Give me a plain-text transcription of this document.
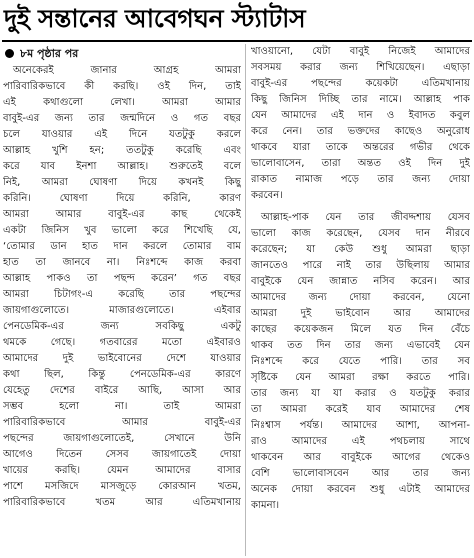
দুই সন্তানের আবেগঘন স্ট্যাটাস
৮ম পৃষ্ঠার পর
অনেকেরই জানার আগ্রহ আমরা
পারিবারিকভাবে কী করছি। ওই দিন, তাই
এই কথাগুলো লেখা। আমরা আমার
বাবুই-এর জন্য তার জন্মদিনে ও গত বছর
চলে যাওয়ার এই দিনে যতটুকু করলে
আল্লাহ খুশি হন; ততটুকু করেছি এবং
করে যাব ইনশা আল্লাহ। শুরুতেই বলে
নিই, আমরা ঘোষণা দিয়ে কখনই কিছু
করিনি। ঘোষণা দিয়ে করিনি, কারণ
আমরা আমার বাবুই-এর কাছ থেকেই
একটা জিনিস খুব ভালো করে শিখেছি যে,
‘তোমার ডান হাত দান করলে তোমার বাম
হাত তা জানবে না। নিঃশব্দে কাজ করবা
আল্লাহ পাকও তা পছন্দ করেন’ গত বছর
আমরা চিটাগং-এ করেছি তার পছন্দের
জায়গাগুলোতে। মাজারগুলোতে। এইবার
পেনডেমিক-এর জন্য সবকিছু একটু
থমকে গেছে। গতবারের মতো এইবারও
আমাদের দুই ভাইবোনের দেশে যাওয়ার
কথা ছিল, কিন্তু পেনডেমিক-এর কারণে
যেহেতু দেশের বাইরে আছি, আসা আর
সম্ভব হলো না। তাই আমরা
পারিবারিকভাবে আমার বাবুই-এর
পছন্দের জায়গাগুলোতেই, সেখানে উনি
আগেও দিতেন সেসব জায়গাতেই দোয়া
খায়ের করছি। যেমন আমাদের বাসার
পাশে মসজিদে মাসজুড়ে কোরআন খতম,
পারিবারিকভাবে খতম আর এতিমখানায়
খাওয়ানো, যেটা বাবুই নিজেই আমাদের
সবসময় করার জন্য শিখিয়েছেন। এছাড়া
বাবুই-এর পছন্দের কয়েকটা এতিমখানায়
কিছু জিনিস দিচ্ছি তার নামে। আল্লাহ পাক
যেন আমাদের এই দান ও ইবাদত কবুল
করে নেন। তার ভক্তদের কাছেও অনুরোধ
থাকবে যারা তাকে অন্তরের গভীর থেকে
ভালোবাসেন, তারা অন্তত ওই দিন দুই
রাকাত নামাজ পড়ে তার জন্য দোয়া
করবেন।
আল্লাহ-পাক যেন তার জীবদ্দশায় যেসব
ভালো কাজ করেছেন, যেসব দান নীরবে
করেছেন; যা কেউ শুধু আমরা ছাড়া
জানতেও পারে নাই তার উছিলায় আমার
বাবুইকে যেন জান্নাত নসিব করেন। আর
আমাদের জন্য দোয়া করবেন, যেনো
আমরা দুই ভাইবোন আর আমাদের
কাছের কয়েকজন মিলে যত দিন বেঁচে
থাকব তত দিন তার জন্য এভাবেই যেন
নিঃশব্দে করে যেতে পারি। তার সব
সৃষ্টিকে যেন আমরা রক্ষা করতে পারি।
তার জন্য যা যা করার ও যতটুকু করার
তা আমরা করেই যাব আমাদের শেষ
নিঃশ্বাস পর্যন্ত। আমাদের আশা, আপনা-
রাও আমাদের এই পথচলায় সাথে
থাকবেন আর বাবুইকে আগের থেকেও
বেশি ভালোবাসবেন আর তার জন্য
অনেক দোয়া করবেন শুধু এটাই আমাদের
কামনা।
